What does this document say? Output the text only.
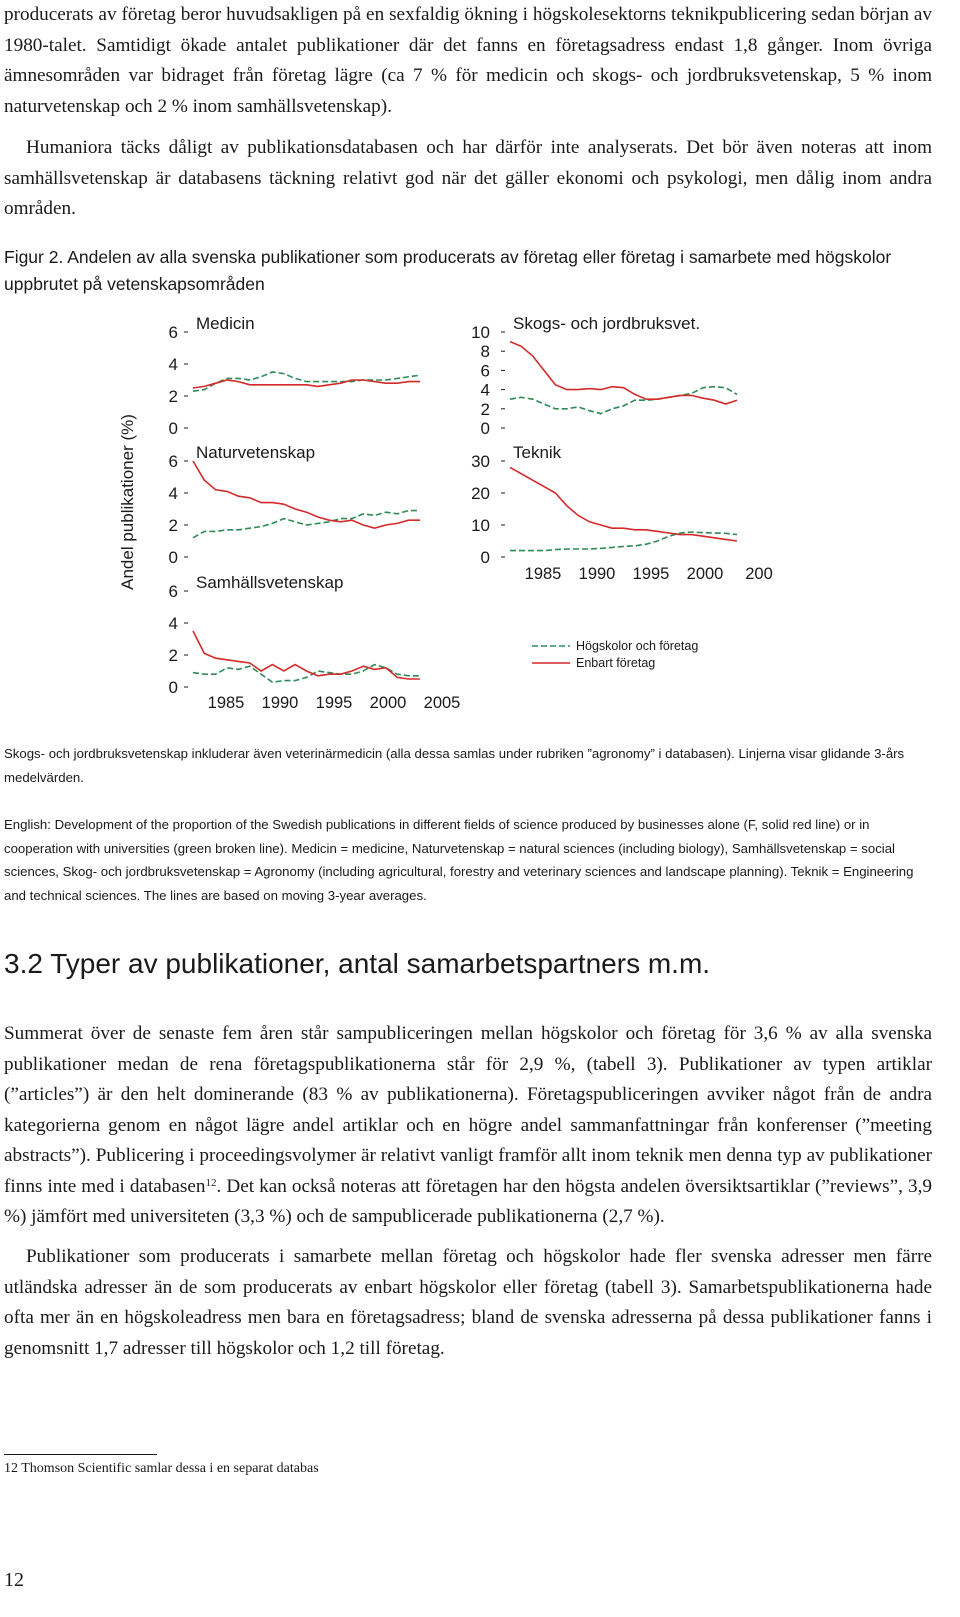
producerats av företag beror huvudsakligen på en sexfaldig ökning i högskolesektorns teknikpublicering sedan början av 1980-talet. Samtidigt ökade antalet publikationer där det fanns en företagsadress endast 1,8 gånger. Inom övriga ämnesområden var bidraget från företag lägre (ca 7 % för medicin och skogs- och jordbruksvetenskap, 5 % inom naturvetenskap och 2 % inom samhällsvetenskap).

Humaniora täcks dåligt av publikationsdatabasen och har därför inte analyserats. Det bör även noteras att inom samhällsvetenskap är databasens täckning relativt god när det gäller ekonomi och psykologi, men dålig inom andra områden.

Figur 2. Andelen av alla svenska publikationer som producerats av företag eller företag i samarbete med högskolor uppbrutet på vetenskapsområden

Andel publikationer (%)
Medicin
6
4
2
0
Skogs- och jordbruksvet.
10
8
6
4
2
0
Naturvetenskap
6
4
2
0
Teknik
30
20
10
0
Samhällsvetenskap
6
4
2
0
1985 1990 1995 2000 2005
1985 1990 1995 2000 200
Högskolor och företag
Enbart företag

Skogs- och jordbruksvetenskap inkluderar även veterinärmedicin (alla dessa samlas under rubriken ”agronomy” i databasen). Linjerna visar glidande 3-års medelvärden.

English: Development of the proportion of the Swedish publications in different fields of science produced by businesses alone (F, solid red line) or in cooperation with universities (green broken line). Medicin = medicine, Naturvetenskap = natural sciences (including biology), Samhällsvetenskap = social sciences, Skog- och jordbruksvetenskap = Agronomy (including agricultural, forestry and veterinary sciences and landscape planning). Teknik = Engineering and technical sciences. The lines are based on moving 3-year averages.

3.2 Typer av publikationer, antal samarbetspartners m.m.

Summerat över de senaste fem åren står sampubliceringen mellan högskolor och företag för 3,6 % av alla svenska publikationer medan de rena företagspublikationerna står för 2,9 %, (tabell 3). Publikationer av typen artiklar (”articles”) är den helt dominerande (83 % av publikationerna). Företagspubliceringen avviker något från de andra kategorierna genom en något lägre andel artiklar och en högre andel sammanfattningar från konferenser (”meeting abstracts”). Publicering i proceedingsvolymer är relativt vanligt framför allt inom teknik men denna typ av publikationer finns inte med i databasen$^{12}$. Det kan också noteras att företagen har den högsta andelen översiktsartiklar (”reviews”, 3,9 %) jämfört med universiteten (3,3 %) och de sampublicerade publikationerna (2,7 %).

Publikationer som producerats i samarbete mellan företag och högskolor hade fler svenska adresser men färre utländska adresser än de som producerats av enbart högskolor eller företag (tabell 3). Samarbetspublikationerna hade ofta mer än en högskoleadress men bara en företagsadress; bland de svenska adresserna på dessa publikationer fanns i genomsnitt 1,7 adresser till högskolor och 1,2 till företag.

12 Thomson Scientific samlar dessa i en separat databas

12
